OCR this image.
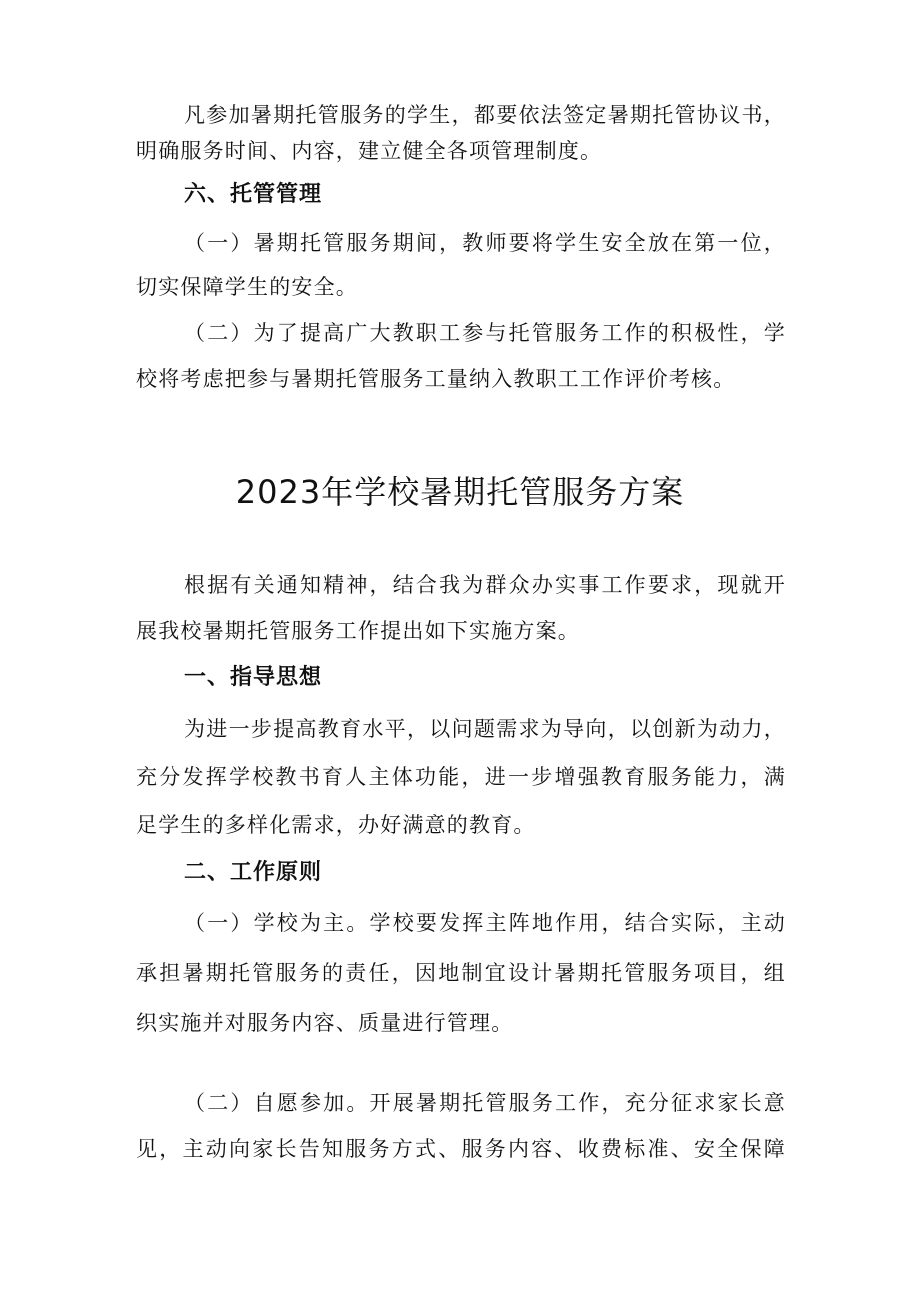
凡参加暑期托管服务的学生，都要依法签定暑期托管协议书，
明确服务时间、内容，建立健全各项管理制度。
六、托管管理
（一）暑期托管服务期间，教师要将学生安全放在第一位，
切实保障学生的安全。
（二）为了提高广大教职工参与托管服务工作的积极性，学
校将考虑把参与暑期托管服务工量纳入教职工工作评价考核。
2023年学校暑期托管服务方案
根据有关通知精神，结合我为群众办实事工作要求，现就开
展我校暑期托管服务工作提出如下实施方案。
一、指导思想
为进一步提高教育水平，以问题需求为导向，以创新为动力，
充分发挥学校教书育人主体功能，进一步增强教育服务能力，满
足学生的多样化需求，办好满意的教育。
二、工作原则
（一）学校为主。学校要发挥主阵地作用，结合实际，主动
承担暑期托管服务的责任，因地制宜设计暑期托管服务项目，组
织实施并对服务内容、质量进行管理。
（二）自愿参加。开展暑期托管服务工作，充分征求家长意
见，主动向家长告知服务方式、服务内容、收费标准、安全保障
